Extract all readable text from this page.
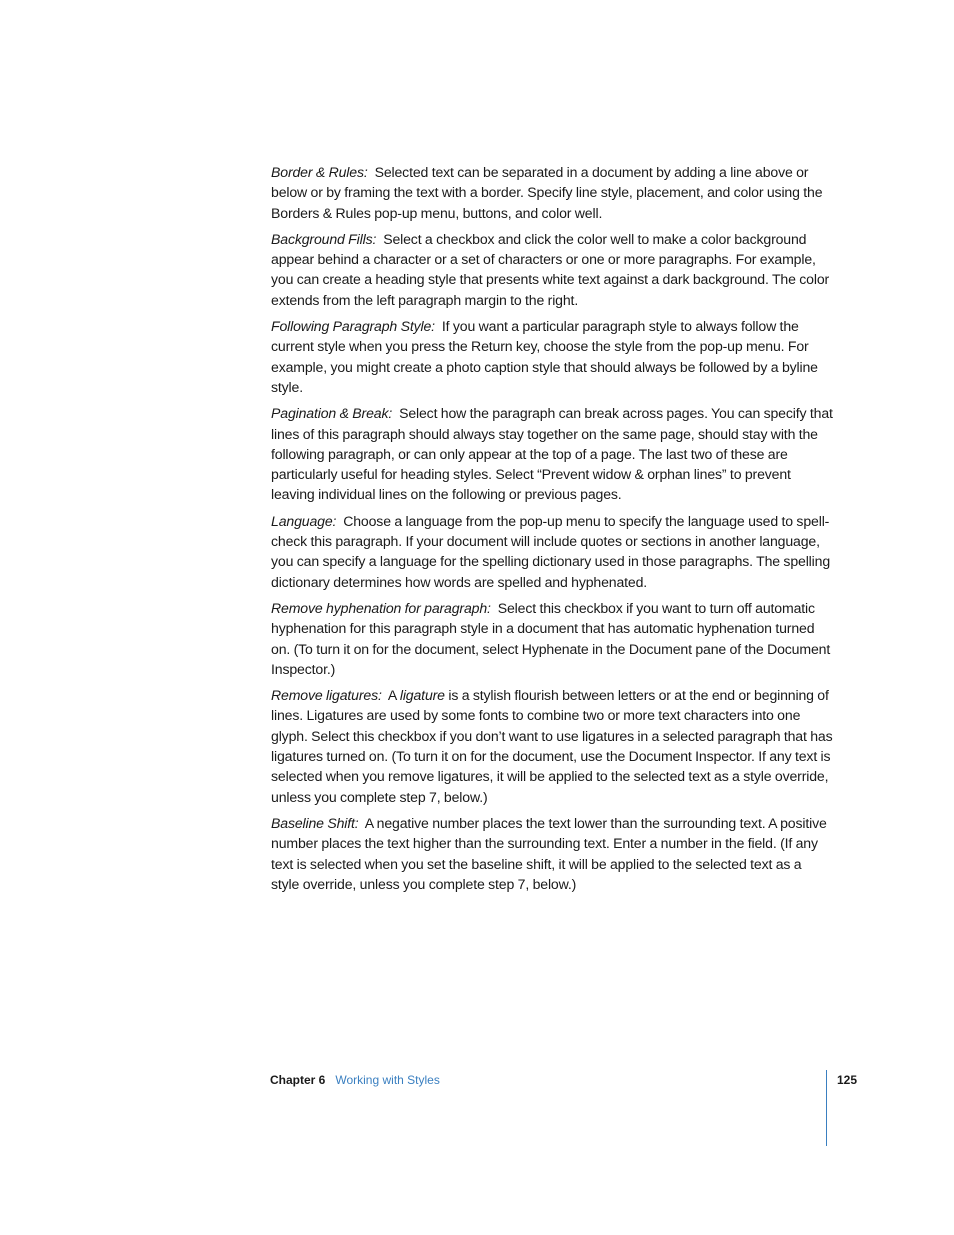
Border & Rules: Selected text can be separated in a document by adding a line above or below or by framing the text with a border. Specify line style, placement, and color using the Borders & Rules pop-up menu, buttons, and color well.

Background Fills: Select a checkbox and click the color well to make a color background appear behind a character or a set of characters or one or more paragraphs. For example, you can create a heading style that presents white text against a dark background. The color extends from the left paragraph margin to the right.

Following Paragraph Style: If you want a particular paragraph style to always follow the current style when you press the Return key, choose the style from the pop-up menu. For example, you might create a photo caption style that should always be followed by a byline style.

Pagination & Break: Select how the paragraph can break across pages. You can specify that lines of this paragraph should always stay together on the same page, should stay with the following paragraph, or can only appear at the top of a page. The last two of these are particularly useful for heading styles. Select “Prevent widow & orphan lines” to prevent leaving individual lines on the following or previous pages.

Language: Choose a language from the pop-up menu to specify the language used to spell-check this paragraph. If your document will include quotes or sections in another language, you can specify a language for the spelling dictionary used in those paragraphs. The spelling dictionary determines how words are spelled and hyphenated.

Remove hyphenation for paragraph: Select this checkbox if you want to turn off automatic hyphenation for this paragraph style in a document that has automatic hyphenation turned on. (To turn it on for the document, select Hyphenate in the Document pane of the Document Inspector.)

Remove ligatures: A ligature is a stylish flourish between letters or at the end or beginning of lines. Ligatures are used by some fonts to combine two or more text characters into one glyph. Select this checkbox if you don’t want to use ligatures in a selected paragraph that has ligatures turned on. (To turn it on for the document, use the Document Inspector. If any text is selected when you remove ligatures, it will be applied to the selected text as a style override, unless you complete step 7, below.)

Baseline Shift: A negative number places the text lower than the surrounding text. A positive number places the text higher than the surrounding text. Enter a number in the field. (If any text is selected when you set the baseline shift, it will be applied to the selected text as a style override, unless you complete step 7, below.)

Chapter 6 Working with Styles	125
